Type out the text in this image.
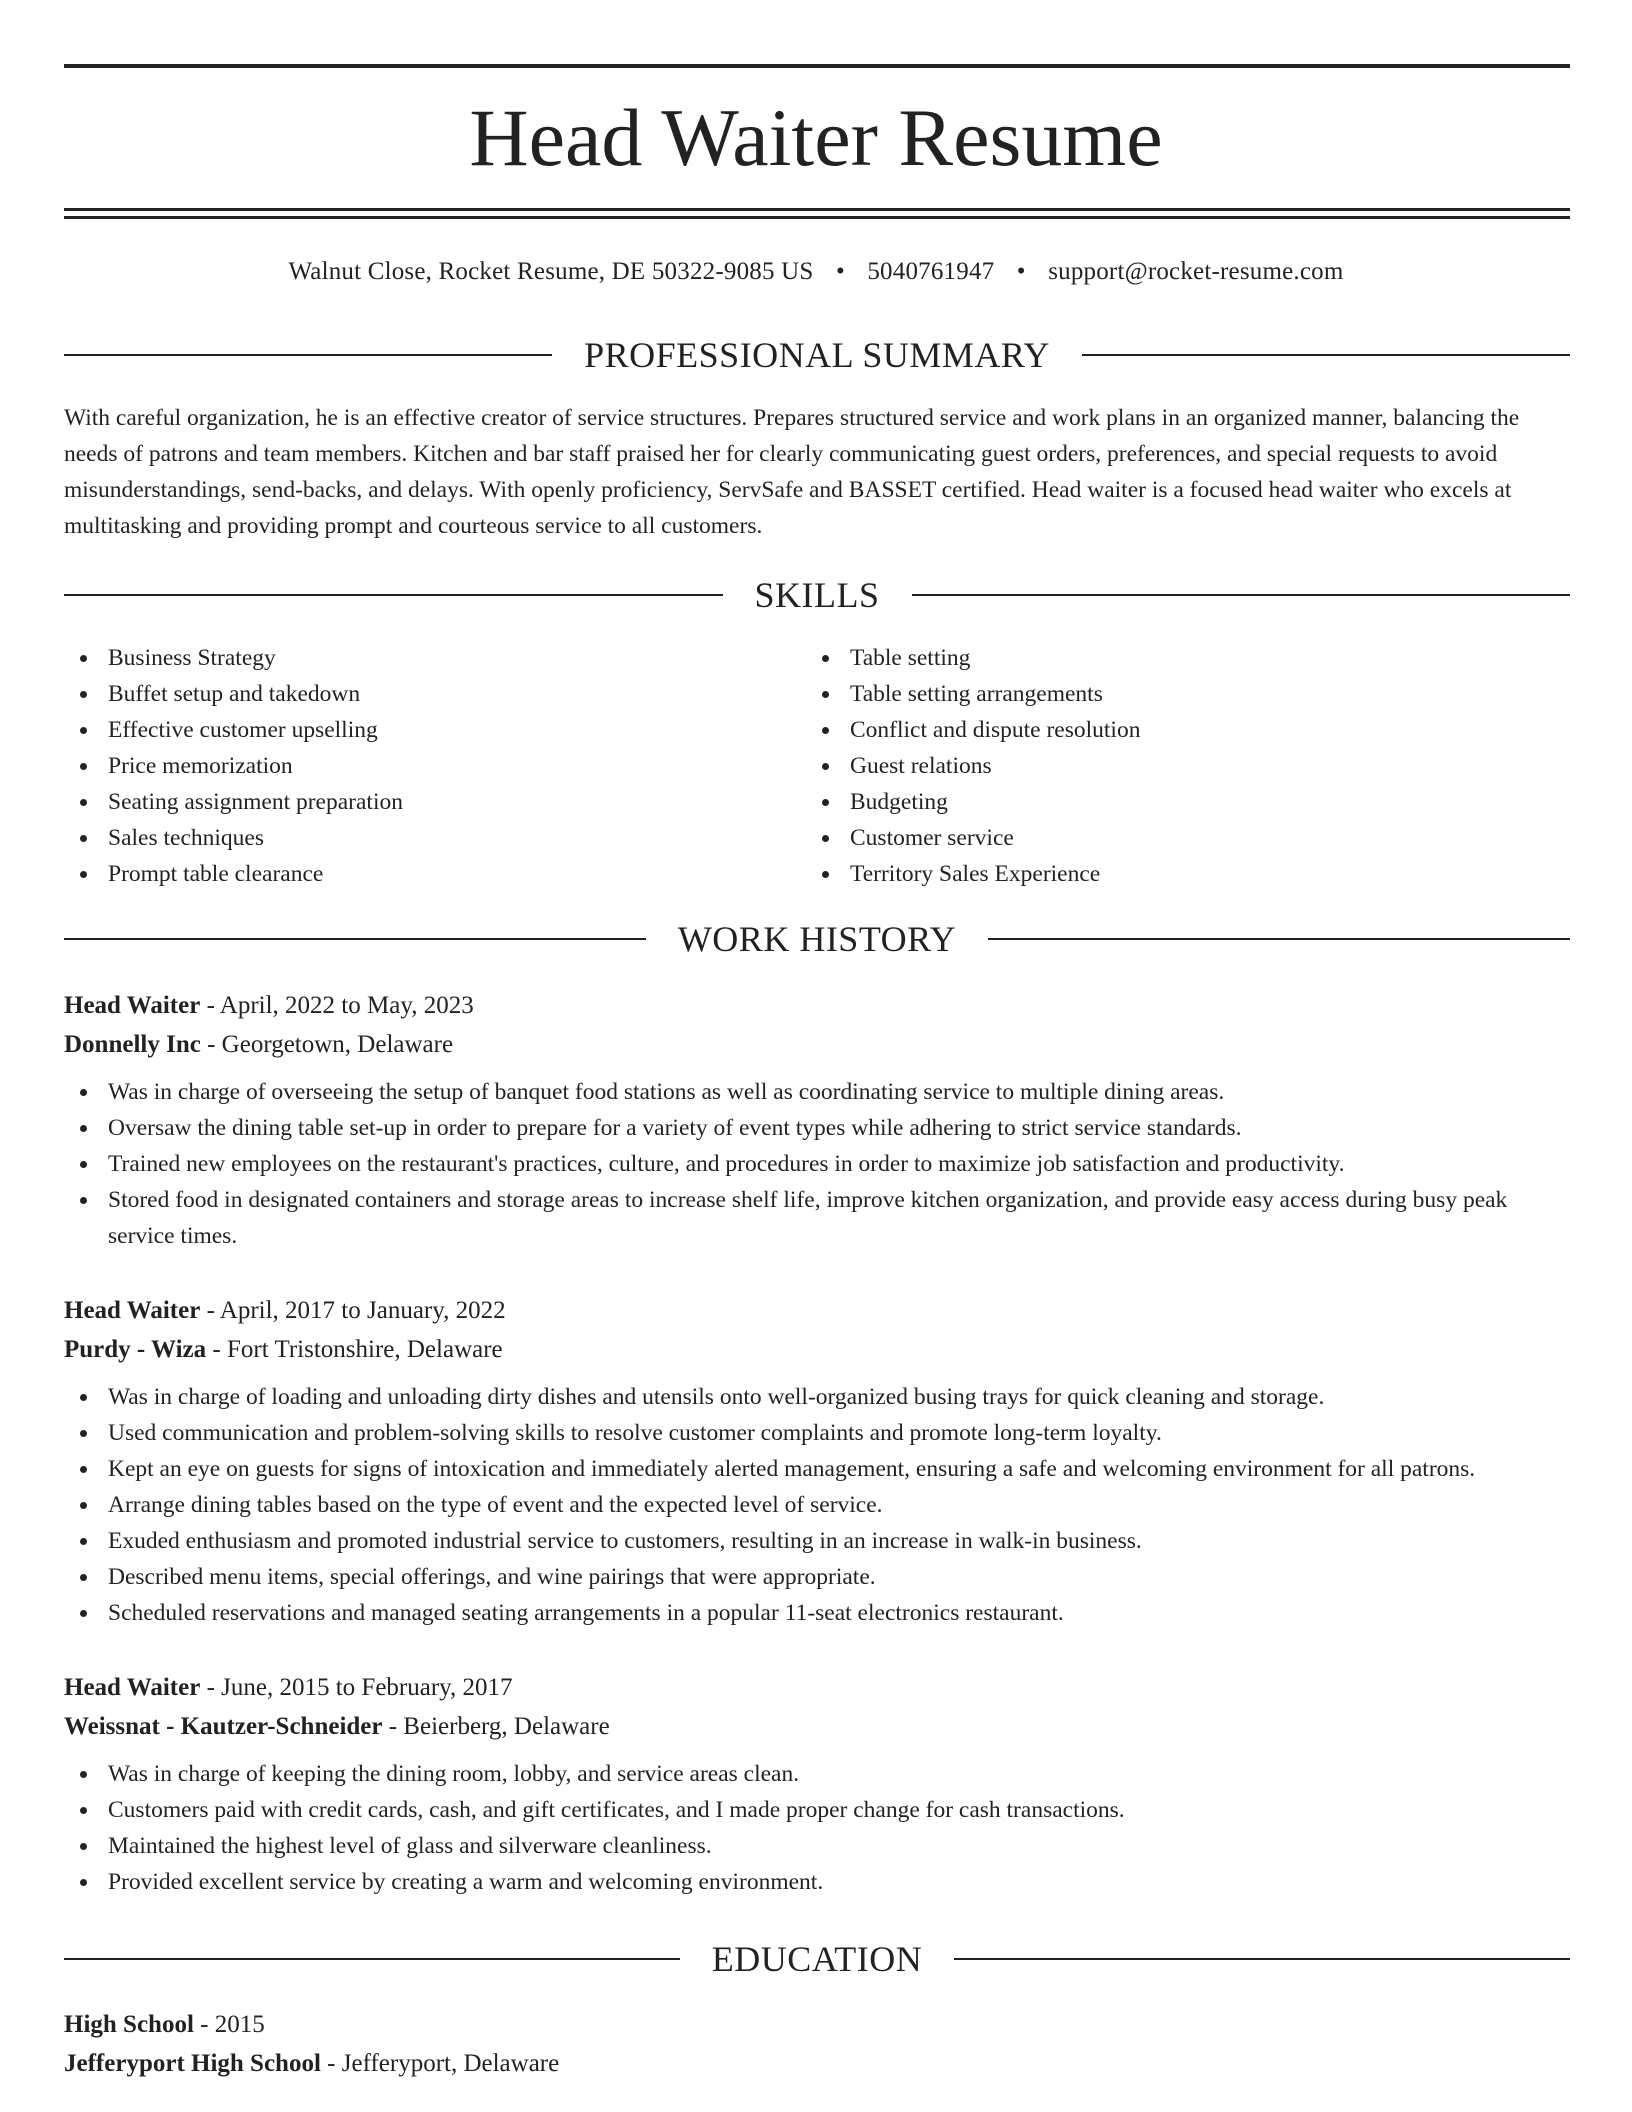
Head Waiter Resume
Walnut Close, Rocket Resume, DE 50322-9085 US • 5040761947 • support@rocket-resume.com
PROFESSIONAL SUMMARY

With careful organization, he is an effective creator of service structures. Prepares structured service and work plans in an organized manner, balancing the needs of patrons and team members. Kitchen and bar staff praised her for clearly communicating guest orders, preferences, and special requests to avoid misunderstandings, send-backs, and delays. With openly proficiency, ServSafe and BASSET certified. Head waiter is a focused head waiter who excels at multitasking and providing prompt and courteous service to all customers.

SKILLS
Business Strategy
Buffet setup and takedown
Effective customer upselling
Price memorization
Seating assignment preparation
Sales techniques
Prompt table clearance
Table setting
Table setting arrangements
Conflict and dispute resolution
Guest relations
Budgeting
Customer service
Territory Sales Experience
WORK HISTORY
Head Waiter - April, 2022 to May, 2023
Donnelly Inc - Georgetown, Delaware
Was in charge of overseeing the setup of banquet food stations as well as coordinating service to multiple dining areas.
Oversaw the dining table set-up in order to prepare for a variety of event types while adhering to strict service standards.
Trained new employees on the restaurant's practices, culture, and procedures in order to maximize job satisfaction and productivity.
Stored food in designated containers and storage areas to increase shelf life, improve kitchen organization, and provide easy access during busy peak service times.
Head Waiter - April, 2017 to January, 2022
Purdy - Wiza - Fort Tristonshire, Delaware
Was in charge of loading and unloading dirty dishes and utensils onto well-organized busing trays for quick cleaning and storage.
Used communication and problem-solving skills to resolve customer complaints and promote long-term loyalty.
Kept an eye on guests for signs of intoxication and immediately alerted management, ensuring a safe and welcoming environment for all patrons.
Arrange dining tables based on the type of event and the expected level of service.
Exuded enthusiasm and promoted industrial service to customers, resulting in an increase in walk-in business.
Described menu items, special offerings, and wine pairings that were appropriate.
Scheduled reservations and managed seating arrangements in a popular 11-seat electronics restaurant.
Head Waiter - June, 2015 to February, 2017
Weissnat - Kautzer-Schneider - Beierberg, Delaware
Was in charge of keeping the dining room, lobby, and service areas clean.
Customers paid with credit cards, cash, and gift certificates, and I made proper change for cash transactions.
Maintained the highest level of glass and silverware cleanliness.
Provided excellent service by creating a warm and welcoming environment.
EDUCATION
High School - 2015
Jefferyport High School - Jefferyport, Delaware
